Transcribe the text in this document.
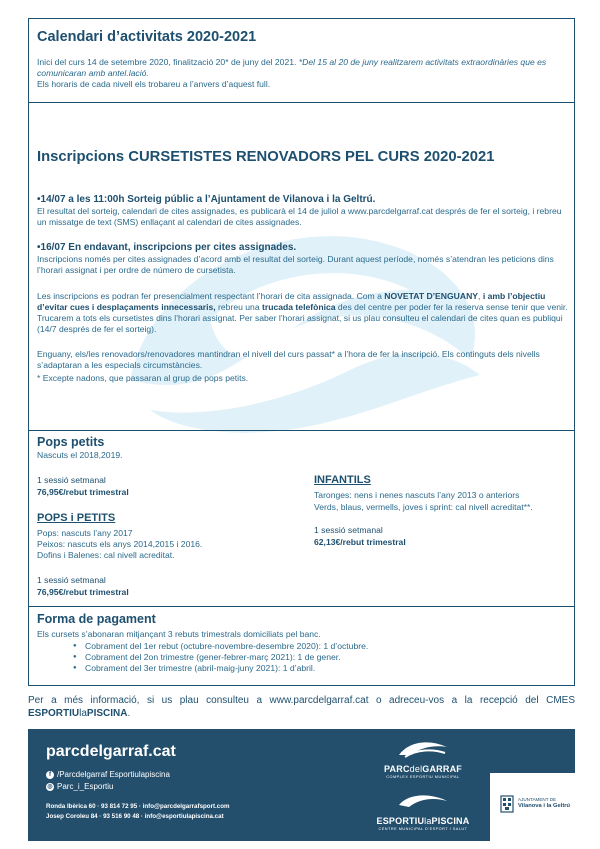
Calendari d’activitats 2020-2021
Inici del curs 14 de setembre 2020, finalització 20* de juny del 2021. *Del 15 al 20 de juny realitzarem activitats extraordinàries que es comunicaran amb antel.lació.
Els horaris de cada nivell els trobareu a l’anvers d’aquest full.
Inscripcions CURSETISTES RENOVADORS PEL CURS 2020-2021
•14/07 a les 11:00h Sorteig públic a l’Ajuntament de Vilanova i la Geltrú.
El resultat del sorteig, calendari de cites assignades, es publicarà el 14 de juliol a www.parcdelgarraf.cat després de fer el sorteig, i rebreu un missatge de text (SMS) enllaçant al calendari de cites assignades.
•16/07 En endavant, inscripcions per cites assignades.
Inscripcions només per cites assignades d’acord amb el resultat del sorteig. Durant aquest període, només s’atendran les peticions dins l’horari assignat i per ordre de número de cursetista.
Les inscripcions es podran fer presencialment respectant l’horari de cita assignada. Com a NOVETAT D’ENGUANY, i amb l’objectiu d’evitar cues i desplaçaments innecessaris, rebreu una trucada telefònica des del centre per poder fer la reserva sense tenir que venir. Trucarem a tots els cursetistes dins l’horari assignat. Per saber l’horari assignat, si us plau consulteu el calendari de cites quan es publiqui (14/7 després de fer el sorteig).
Enguany, els/les renovadors/renovadores mantindran el nivell del curs passat* a l’hora de fer la inscripció. Els continguts dels nivells s’adaptaran a les especials circumstàncies.
* Excepte nadons, que passaran al grup de pops petits.
Pops petits
Nascuts el 2018,2019.
1 sessió setmanal
76,95€/rebut trimestral
POPS i PETITS
Pops: nascuts l’any 2017
Peixos: nascuts els anys 2014,2015 i 2016.
Dofins i Balenes: cal nivell acreditat.
1 sessió setmanal
76,95€/rebut trimestral
INFANTILS
Taronges: nens i nenes nascuts l’any 2013 o anteriors
Verds, blaus, vermells, joves i sprint: cal nivell acreditat**.
1 sessió setmanal
62,13€/rebut trimestral
Forma de pagament
Els cursets s’abonaran mitjançant 3 rebuts trimestrals domiciliats pel banc.
● Cobrament del 1er rebut (octubre-novembre-desembre 2020): 1 d’octubre.
● Cobrament del 2on trimestre (gener-febrer-març 2021): 1 de gener.
● Cobrament del 3er trimestre (abril-maig-juny 2021): 1 d’abril.
Per a més informació, si us plau consulteu a www.parcdelgarraf.cat o adreceu-vos a la recepció del CMES ESPORTIUlaPISCINA.
parcdelgarraf.cat
f /Parcdelgarraf Esportiulapiscina
◎ Parc_i_Esportiu
Ronda Ibèrica 60 · 93 814 72 95 · info@parcdelgarrafsport.com
Josep Coroleu 84 · 93 516 90 48 · info@esportiulapiscina.cat
PARCdelGARRAF
COMPLEX ESPORTIU MUNICIPAL
ESPORTIUlaPISCINA
CENTRE MUNICIPAL D’ESPORT I SALUT
AJUNTAMENT DE
Vilanova i la Geltrú
